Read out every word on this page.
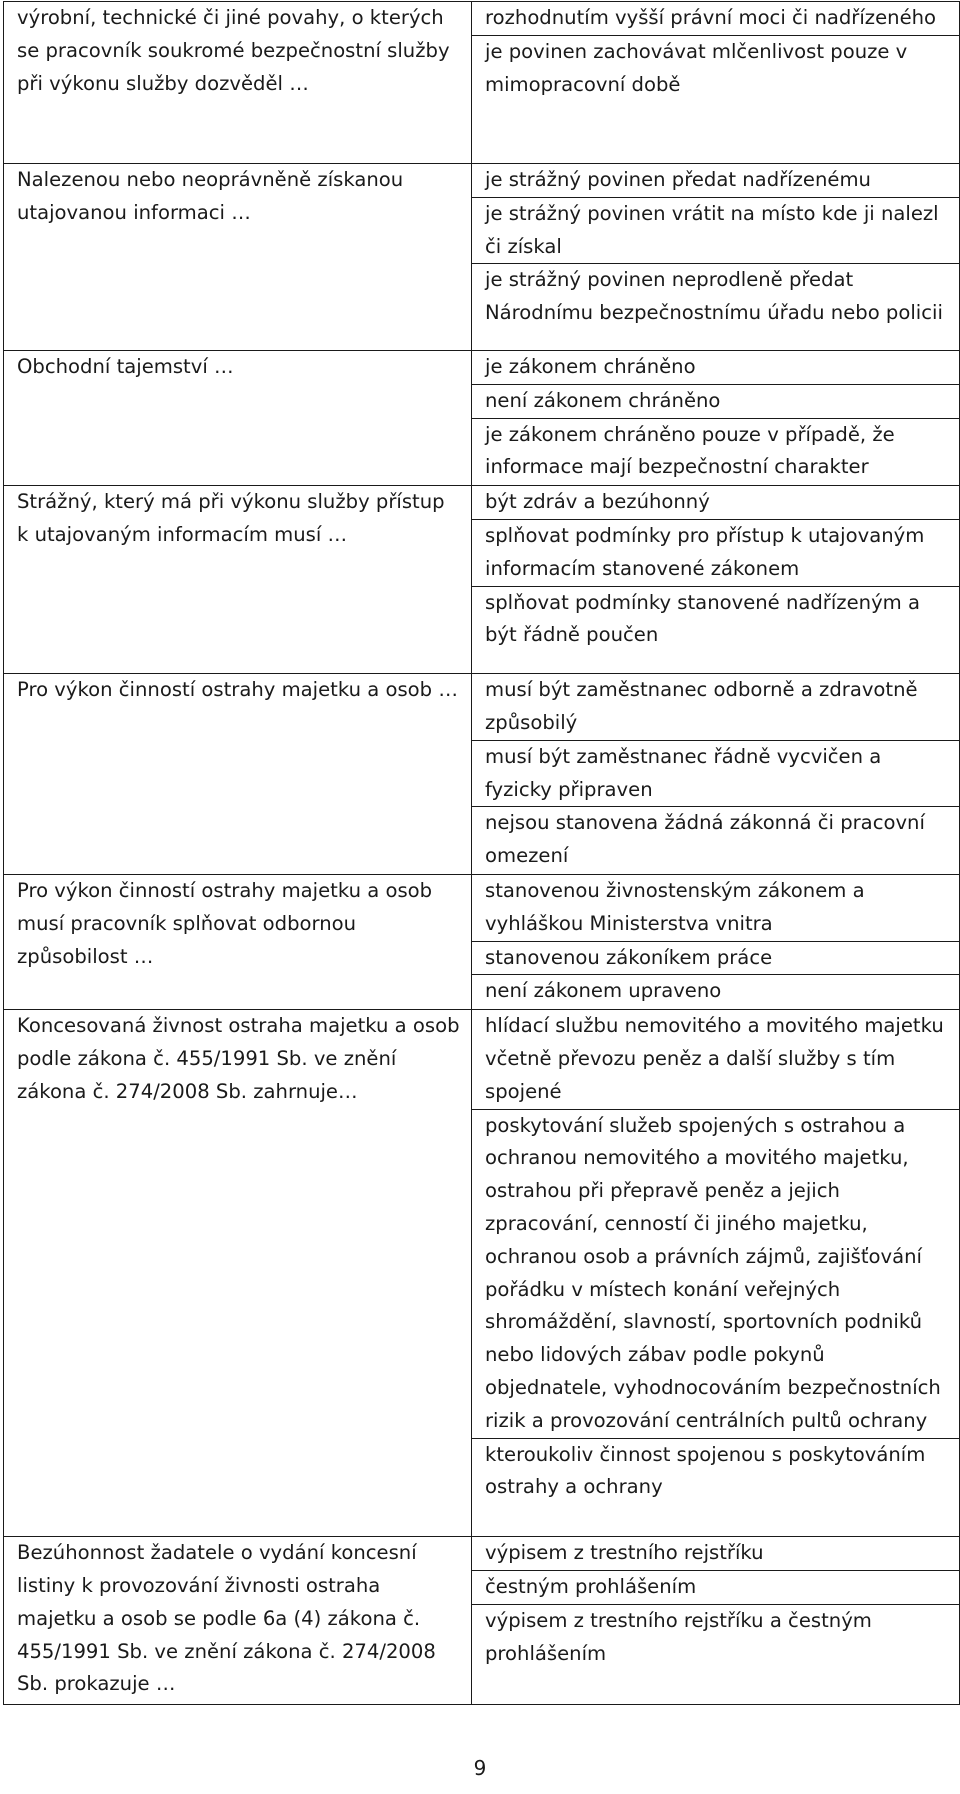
výrobní, technické či jiné povahy, o kterých se pracovník soukromé bezpečnostní služby při výkonu služby dozvěděl …	rozhodnutím vyšší právní moci či nadřízeného
je povinen zachovávat mlčenlivost pouze v mimopracovní době

Nalezenou nebo neoprávněně získanou utajovanou informaci …	je strážný povinen předat nadřízenému
je strážný povinen vrátit na místo kde ji nalezl či získal
je strážný povinen neprodleně předat Národnímu bezpečnostnímu úřadu nebo policii

Obchodní tajemství …	je zákonem chráněno
není zákonem chráněno
je zákonem chráněno pouze v případě, že informace mají bezpečnostní charakter

Strážný, který má při výkonu služby přístup k utajovaným informacím musí …	být zdráv a bezúhonný
splňovat podmínky pro přístup k utajovaným informacím stanovené zákonem
splňovat podmínky stanovené nadřízeným a být řádně poučen

Pro výkon činností ostrahy majetku a osob …	musí být zaměstnanec odborně a zdravotně způsobilý
musí být zaměstnanec řádně vycvičen a fyzicky připraven
nejsou stanovena žádná zákonná či pracovní omezení

Pro výkon činností ostrahy majetku a osob musí pracovník splňovat odbornou způsobilost …	stanovenou živnostenským zákonem a vyhláškou Ministerstva vnitra
stanovenou zákoníkem práce
není zákonem upraveno

Koncesovaná živnost ostraha majetku a osob podle zákona č. 455/1991 Sb. ve znění zákona č. 274/2008 Sb. zahrnuje…	hlídací službu nemovitého a movitého majetku včetně převozu peněz a další služby s tím spojené
poskytování služeb spojených s ostrahou a ochranou nemovitého a movitého majetku, ostrahou při přepravě peněz a jejich zpracování, cenností či jiného majetku, ochranou osob a právních zájmů, zajišťování pořádku v místech konání veřejných shromáždění, slavností, sportovních podniků nebo lidových zábav podle pokynů objednatele, vyhodnocováním bezpečnostních rizik a provozování centrálních pultů ochrany
kteroukoliv činnost spojenou s poskytováním ostrahy a ochrany

Bezúhonnost žadatele o vydání koncesní listiny k provozování živnosti ostraha majetku a osob se podle 6a (4) zákona č. 455/1991 Sb. ve znění zákona č. 274/2008 Sb. prokazuje …	výpisem z trestního rejstříku
čestným prohlášením
výpisem z trestního rejstříku a čestným prohlášením
9
